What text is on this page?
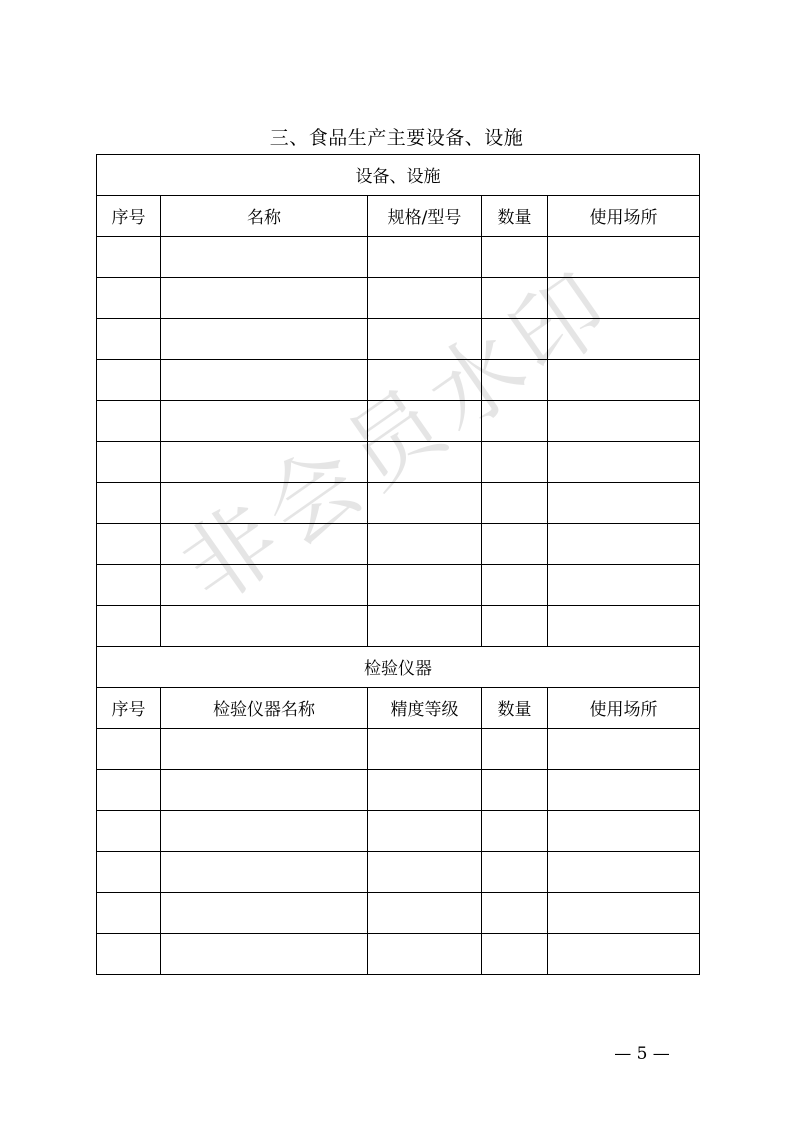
三、食品生产主要设备、设施
设备、设施				
序号	名称	规格/型号	数量	使用场所

检验仪器				
序号	检验仪器名称	精度等级	数量	使用场所

非会员水印
— 5 —
